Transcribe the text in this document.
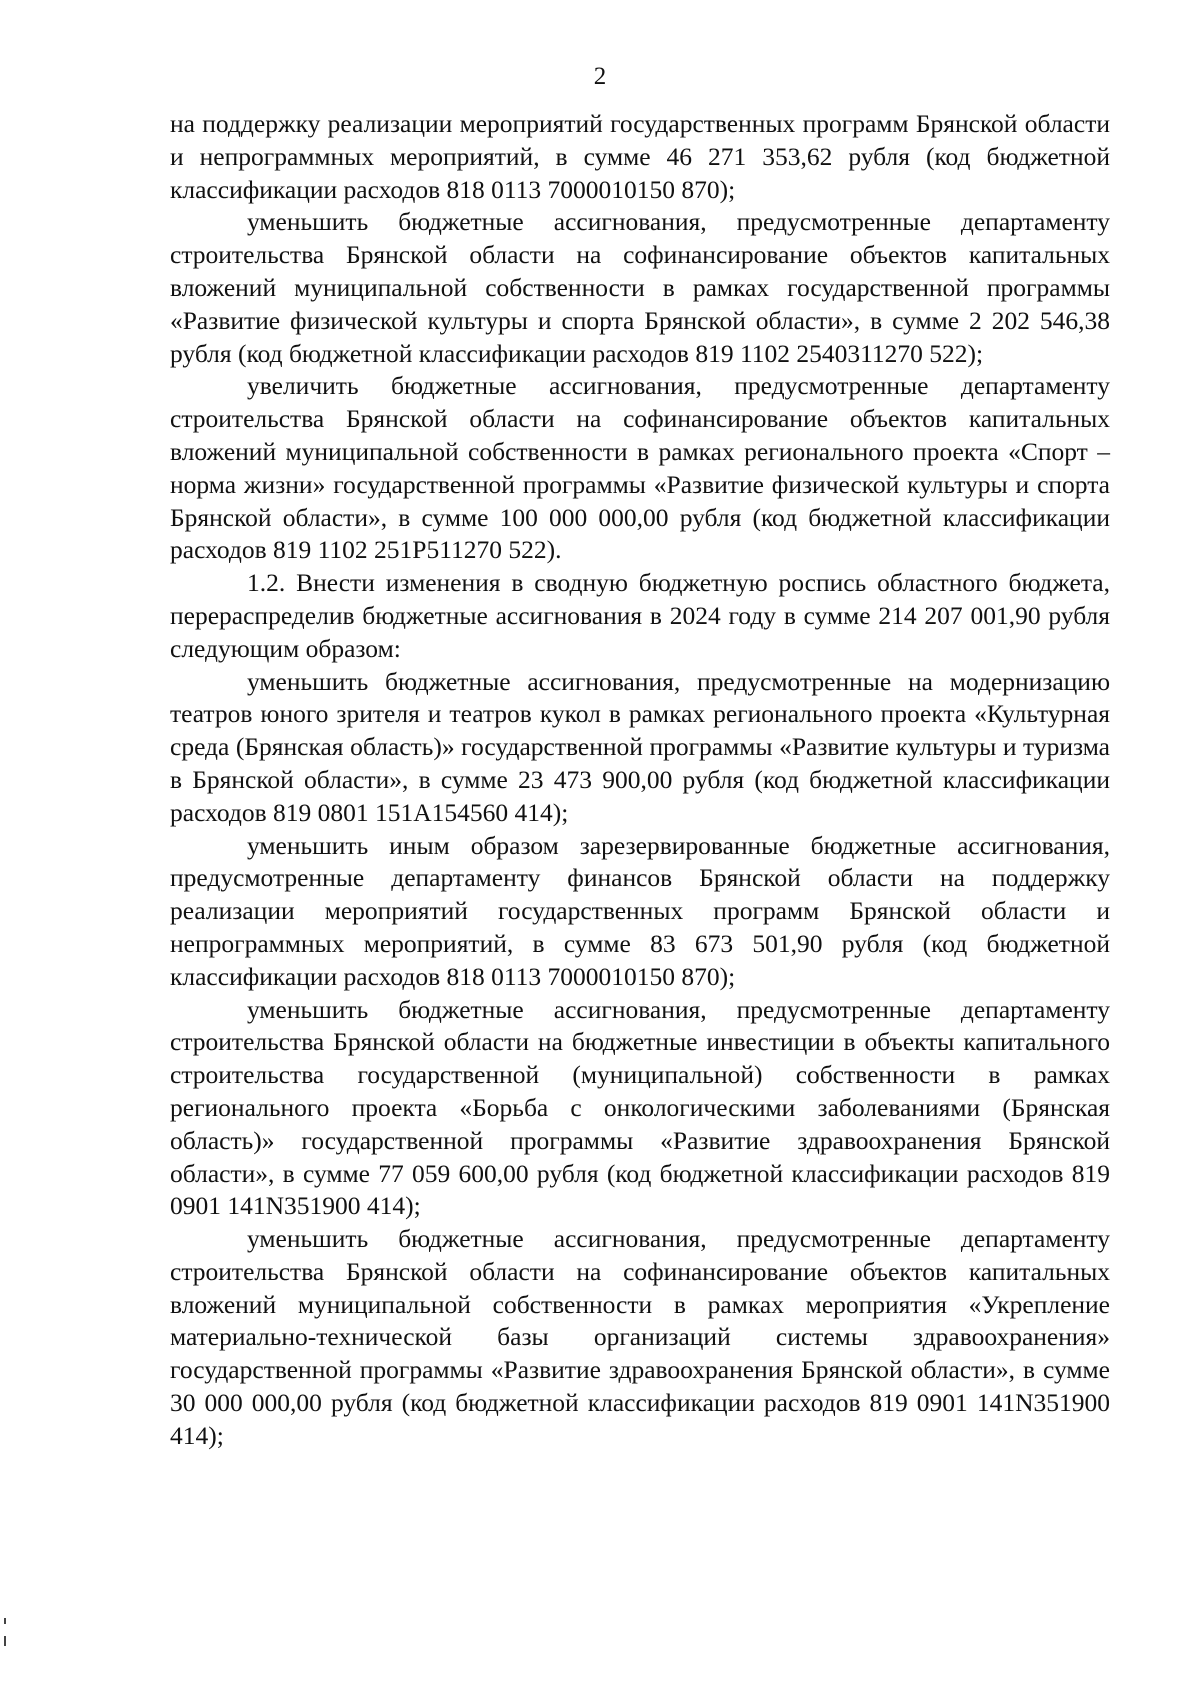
2

на поддержку реализации мероприятий государственных программ Брянской области и непрограммных мероприятий, в сумме 46 271 353,62 рубля (код бюджетной классификации расходов 818 0113 7000010150 870);

уменьшить бюджетные ассигнования, предусмотренные департаменту строительства Брянской области на софинансирование объектов капитальных вложений муниципальной собственности в рамках государственной программы «Развитие физической культуры и спорта Брянской области», в сумме 2 202 546,38 рубля (код бюджетной классификации расходов 819 1102 2540311270 522);

увеличить бюджетные ассигнования, предусмотренные департаменту строительства Брянской области на софинансирование объектов капитальных вложений муниципальной собственности в рамках регионального проекта «Спорт – норма жизни» государственной программы «Развитие физической культуры и спорта Брянской области», в сумме 100 000 000,00 рубля (код бюджетной классификации расходов 819 1102 251Р511270 522).

1.2. Внести изменения в сводную бюджетную роспись областного бюджета, перераспределив бюджетные ассигнования в 2024 году в сумме 214 207 001,90 рубля следующим образом:

уменьшить бюджетные ассигнования, предусмотренные на модернизацию театров юного зрителя и театров кукол в рамках регионального проекта «Культурная среда (Брянская область)» государственной программы «Развитие культуры и туризма в Брянской области», в сумме 23 473 900,00 рубля (код бюджетной классификации расходов 819 0801 151А154560 414);

уменьшить иным образом зарезервированные бюджетные ассигнования, предусмотренные департаменту финансов Брянской области на поддержку реализации мероприятий государственных программ Брянской области и непрограммных мероприятий, в сумме 83 673 501,90 рубля (код бюджетной классификации расходов 818 0113 7000010150 870);

уменьшить бюджетные ассигнования, предусмотренные департаменту строительства Брянской области на бюджетные инвестиции в объекты капитального строительства государственной (муниципальной) собственности в рамках регионального проекта «Борьба с онкологическими заболеваниями (Брянская область)» государственной программы «Развитие здравоохранения Брянской области», в сумме 77 059 600,00 рубля (код бюджетной классификации расходов 819 0901 141N351900 414);

уменьшить бюджетные ассигнования, предусмотренные департаменту строительства Брянской области на софинансирование объектов капитальных вложений муниципальной собственности в рамках мероприятия «Укрепление материально-технической базы организаций системы здравоохранения» государственной программы «Развитие здравоохранения Брянской области», в сумме 30 000 000,00 рубля (код бюджетной классификации расходов 819 0901 141N351900 414);
